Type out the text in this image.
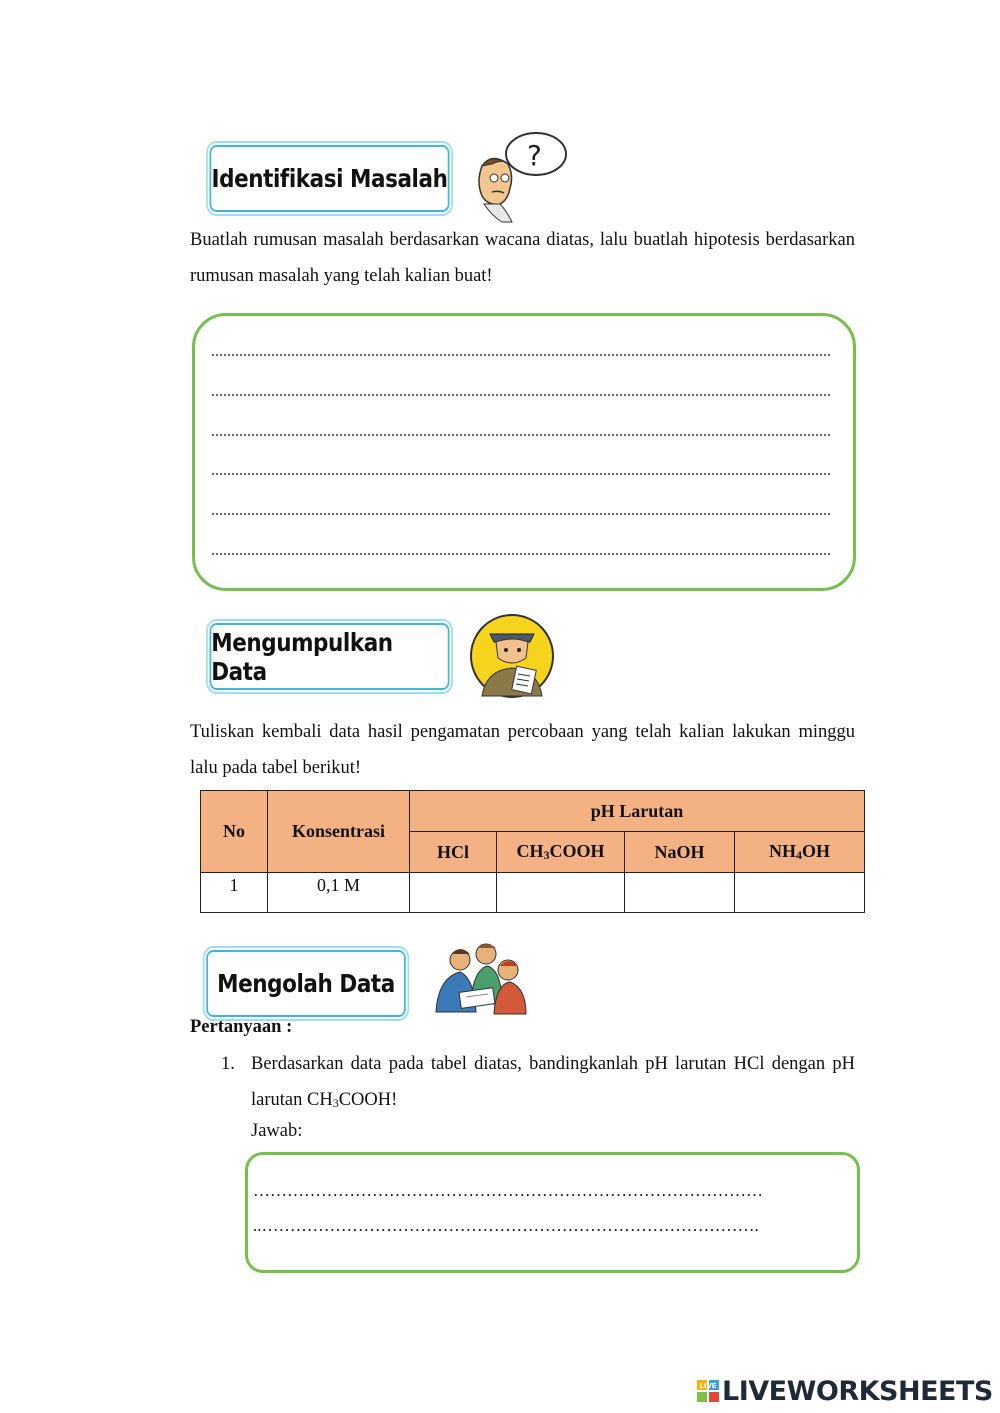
Identifikasi Masalah
?
Buatlah rumusan masalah berdasarkan wacana diatas, lalu buatlah hipotesis berdasarkan rumusan masalah yang telah kalian buat!
Mengumpulkan Data
Tuliskan kembali data hasil pengamatan percobaan yang telah kalian lakukan minggu lalu pada tabel berikut!
No	Konsentrasi	pH Larutan			
		HCl	CH3COOH	NaOH	NH4OH
1	0,1 M				
Mengolah Data
Pertanyaan :
1. Berdasarkan data pada tabel diatas, bandingkanlah pH larutan HCl dengan pH larutan CH3COOH!
Jawab:
………………………………………………………………………………
..…………………………………………………………………………….
LIVE LIVEWORKSHEETS
